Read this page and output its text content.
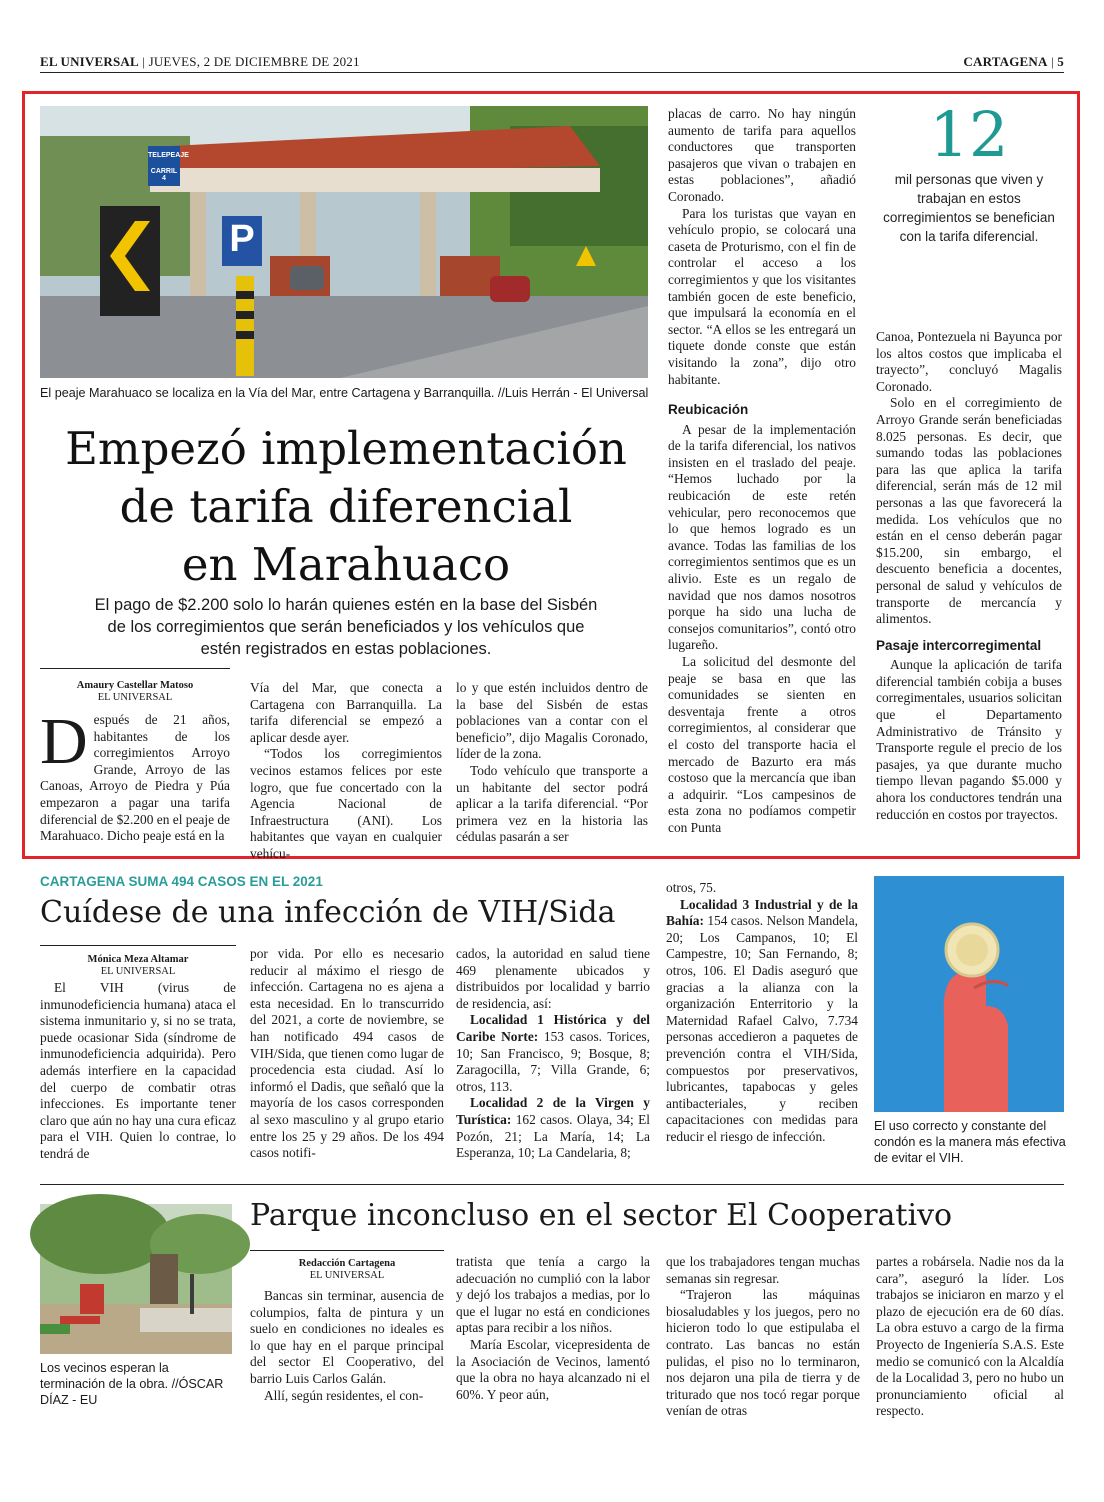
EL UNIVERSAL | JUEVES, 2 DE DICIEMBRE DE 2021	CARTAGENA | 5
TELEPEAJE
CARRIL 4
P
El peaje Marahuaco se localiza en la Vía del Mar, entre Cartagena y Barranquilla. //Luis Herrán - El Universal
Empezó implementación
de tarifa diferencial
en Marahuaco
El pago de $2.200 solo lo harán quienes estén en la base del Sisbén
de los corregimientos que serán beneficiados y los vehículos que
estén registrados en estas poblaciones.
Amaury Castellar Matoso
EL UNIVERSAL
D espués de 21 años, habitantes de los corregimientos Arroyo Grande, Arroyo de las Canoas, Arroyo de Piedra y Púa empezaron a pagar una tarifa diferencial de $2.200 en el peaje de Marahuaco. Dicho peaje está en la

Vía del Mar, que conecta a Cartagena con Barranquilla. La tarifa diferencial se empezó a aplicar desde ayer.

“Todos los corregimientos vecinos estamos felices por este logro, que fue concertado con la Agencia Nacional de Infraestructura (ANI). Los habitantes que vayan en cualquier vehícu-

lo y que estén incluidos dentro de la base del Sisbén de estas poblaciones van a contar con el beneficio”, dijo Magalis Coronado, líder de la zona.

Todo vehículo que transporte a un habitante del sector podrá aplicar a la tarifa diferencial. “Por primera vez en la historia las cédulas pasarán a ser

placas de carro. No hay ningún aumento de tarifa para aquellos conductores que transporten pasajeros que vivan o trabajen en estas poblaciones”, añadió Coronado.

Para los turistas que vayan en vehículo propio, se colocará una caseta de Proturismo, con el fin de controlar el acceso a los corregimientos y que los visitantes también gocen de este beneficio, que impulsará la economía en el sector. “A ellos se les entregará un tiquete donde conste que están visitando la zona”, dijo otro habitante.

Reubicación

A pesar de la implementación de la tarifa diferencial, los nativos insisten en el traslado del peaje. “Hemos luchado por la reubicación de este retén vehicular, pero reconocemos que lo que hemos logrado es un avance. Todas las familias de los corregimientos sentimos que es un alivio. Este es un regalo de navidad que nos damos nosotros porque ha sido una lucha de consejos comunitarios”, contó otro lugareño.

La solicitud del desmonte del peaje se basa en que las comunidades se sienten en desventaja frente a otros corregimientos, al considerar que el costo del transporte hacia el mercado de Bazurto era más costoso que la mercancía que iban a adquirir. “Los campesinos de esta zona no podíamos competir con Punta

12
mil personas que viven y trabajan en estos corregimientos se benefician con la tarifa diferencial.

Canoa, Pontezuela ni Bayunca por los altos costos que implicaba el trayecto”, concluyó Magalis Coronado.

Solo en el corregimiento de Arroyo Grande serán beneficiadas 8.025 personas. Es decir, que sumando todas las poblaciones para las que aplica la tarifa diferencial, serán más de 12 mil personas a las que favorecerá la medida. Los vehículos que no están en el censo deberán pagar $15.200, sin embargo, el descuento beneficia a docentes, personal de salud y vehículos de transporte de mercancía y alimentos.

Pasaje intercorregimental

Aunque la aplicación de tarifa diferencial también cobija a buses corregimentales, usuarios solicitan que el Departamento Administrativo de Tránsito y Transporte regule el precio de los pasajes, ya que durante mucho tiempo llevan pagando $5.000 y ahora los conductores tendrán una reducción en costos por trayectos.

CARTAGENA SUMA 494 CASOS EN EL 2021
Cuídese de una infección de VIH/Sida
Mónica Meza Altamar
EL UNIVERSAL

El VIH (virus de inmunodeficiencia humana) ataca el sistema inmunitario y, si no se trata, puede ocasionar Sida (síndrome de inmunodeficiencia adquirida). Pero además interfiere en la capacidad del cuerpo de combatir otras infecciones. Es importante tener claro que aún no hay una cura eficaz para el VIH. Quien lo contrae, lo tendrá de

por vida. Por ello es necesario reducir al máximo el riesgo de infección. Cartagena no es ajena a esta necesidad. En lo transcurrido del 2021, a corte de noviembre, se han notificado 494 casos de VIH/Sida, que tienen como lugar de procedencia esta ciudad. Así lo informó el Dadis, que señaló que la mayoría de los casos corresponden al sexo masculino y al grupo etario entre los 25 y 29 años. De los 494 casos notifi-

cados, la autoridad en salud tiene 469 plenamente ubicados y distribuidos por localidad y barrio de residencia, así:

Localidad 1 Histórica y del Caribe Norte: 153 casos. Torices, 10; San Francisco, 9; Bosque, 8; Zaragocilla, 7; Villa Grande, 6; otros, 113.

Localidad 2 de la Virgen y Turística: 162 casos. Olaya, 34; El Pozón, 21; La María, 14; La Esperanza, 10; La Candelaria, 8;

otros, 75.

Localidad 3 Industrial y de la Bahía: 154 casos. Nelson Mandela, 20; Los Campanos, 10; El Campestre, 10; San Fernando, 8; otros, 106. El Dadis aseguró que gracias a la alianza con la organización Enterritorio y la Maternidad Rafael Calvo, 7.734 personas accedieron a paquetes de prevención contra el VIH/Sida, compuestos por preservativos, lubricantes, tapabocas y geles antibacteriales, y reciben capacitaciones con medidas para reducir el riesgo de infección.

El uso correcto y constante del condón es la manera más efectiva de evitar el VIH.
Los vecinos esperan la terminación de la obra. //ÓSCAR DÍAZ - EU
Parque inconcluso en el sector El Cooperativo
Redacción Cartagena
EL UNIVERSAL

Bancas sin terminar, ausencia de columpios, falta de pintura y un suelo en condiciones no ideales es lo que hay en el parque principal del sector El Cooperativo, del barrio Luis Carlos Galán.

Allí, según residentes, el con-

tratista que tenía a cargo la adecuación no cumplió con la labor y dejó los trabajos a medias, por lo que el lugar no está en condiciones aptas para recibir a los niños.

María Escolar, vicepresidenta de la Asociación de Vecinos, lamentó que la obra no haya alcanzado ni el 60%. Y peor aún,

que los trabajadores tengan muchas semanas sin regresar.

“Trajeron las máquinas biosaludables y los juegos, pero no hicieron todo lo que estipulaba el contrato. Las bancas no están pulidas, el piso no lo terminaron, nos dejaron una pila de tierra y de triturado que nos tocó regar porque venían de otras

partes a robársela. Nadie nos da la cara”, aseguró la líder. Los trabajos se iniciaron en marzo y el plazo de ejecución era de 60 días. La obra estuvo a cargo de la firma Proyecto de Ingeniería S.A.S. Este medio se comunicó con la Alcaldía de la Localidad 3, pero no hubo un pronunciamiento oficial al respecto.
